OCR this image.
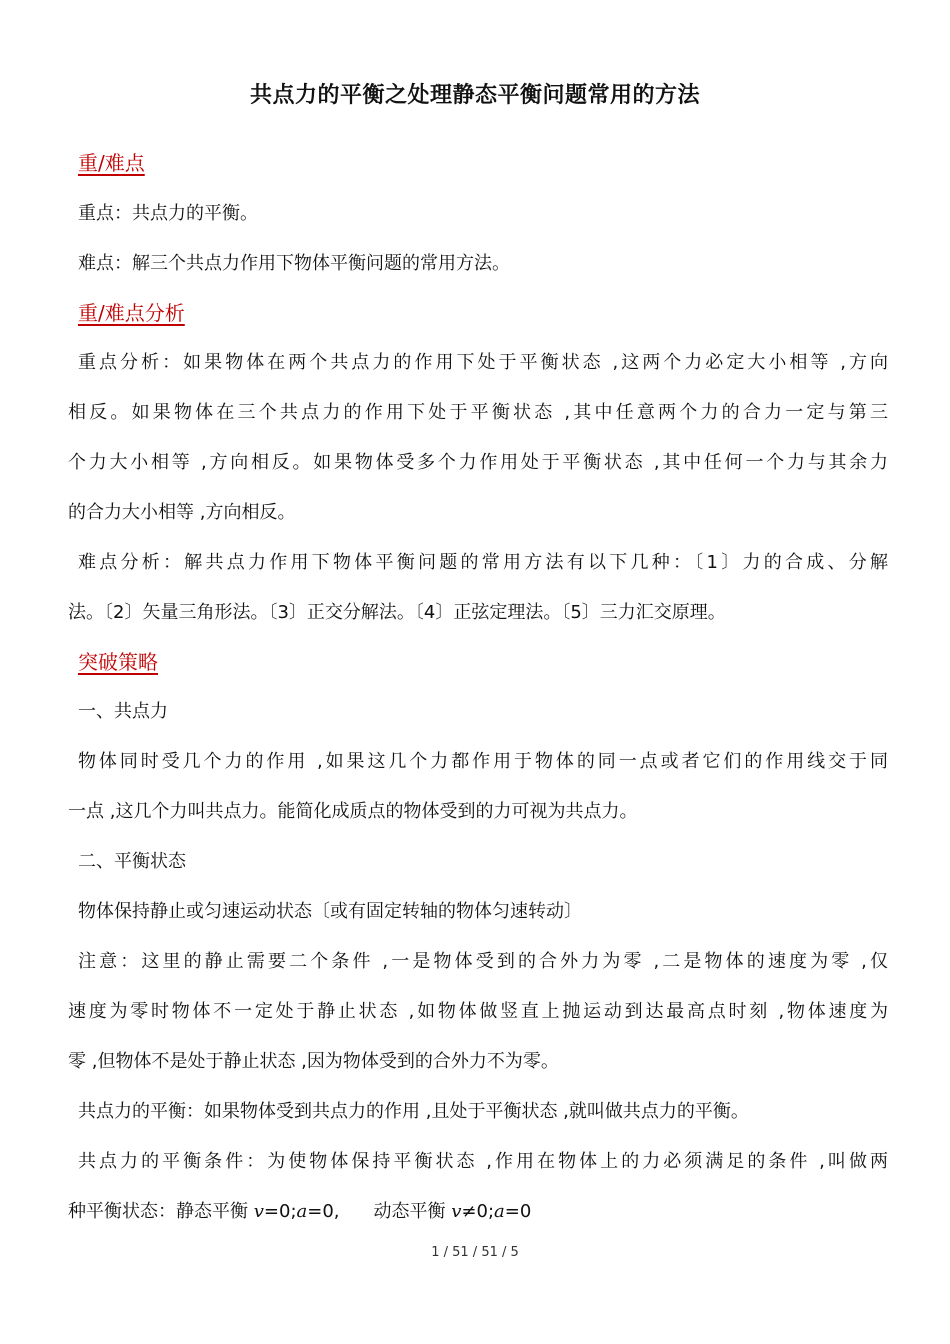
共点力的平衡之处理静态平衡问题常用的方法
重/难点
重点：共点力的平衡。
难点：解三个共点力作用下物体平衡问题的常用方法。
重/难点分析
重点分析：如果物体在两个共点力的作用下处于平衡状态 ,这两个力必定大小相等 ,方向
相反。如果物体在三个共点力的作用下处于平衡状态 ,其中任意两个力的合力一定与第三
个力大小相等 ,方向相反。如果物体受多个力作用处于平衡状态 ,其中任何一个力与其余力
的合力大小相等 ,方向相反。
难点分析：解共点力作用下物体平衡问题的常用方法有以下几种：〔1〕力的合成、分解
法。〔2〕矢量三角形法。〔3〕正交分解法。〔4〕正弦定理法。〔5〕三力汇交原理。
突破策略
一、共点力
物体同时受几个力的作用 ,如果这几个力都作用于物体的同一点或者它们的作用线交于同
一点 ,这几个力叫共点力。能简化成质点的物体受到的力可视为共点力。
二、平衡状态
物体保持静止或匀速运动状态〔或有固定转轴的物体匀速转动〕
注意：这里的静止需要二个条件 ,一是物体受到的合外力为零 ,二是物体的速度为零 ,仅
速度为零时物体不一定处于静止状态 ,如物体做竖直上抛运动到达最高点时刻 ,物体速度为
零 ,但物体不是处于静止状态 ,因为物体受到的合外力不为零。
共点力的平衡：如果物体受到共点力的作用 ,且处于平衡状态 ,就叫做共点力的平衡。
共点力的平衡条件：为使物体保持平衡状态 ,作用在物体上的力必须满足的条件 ,叫做两
种平衡状态：静态平衡 v=0;a=0, 动态平衡 v≠0;a=0
1 / 51 / 51 / 5
